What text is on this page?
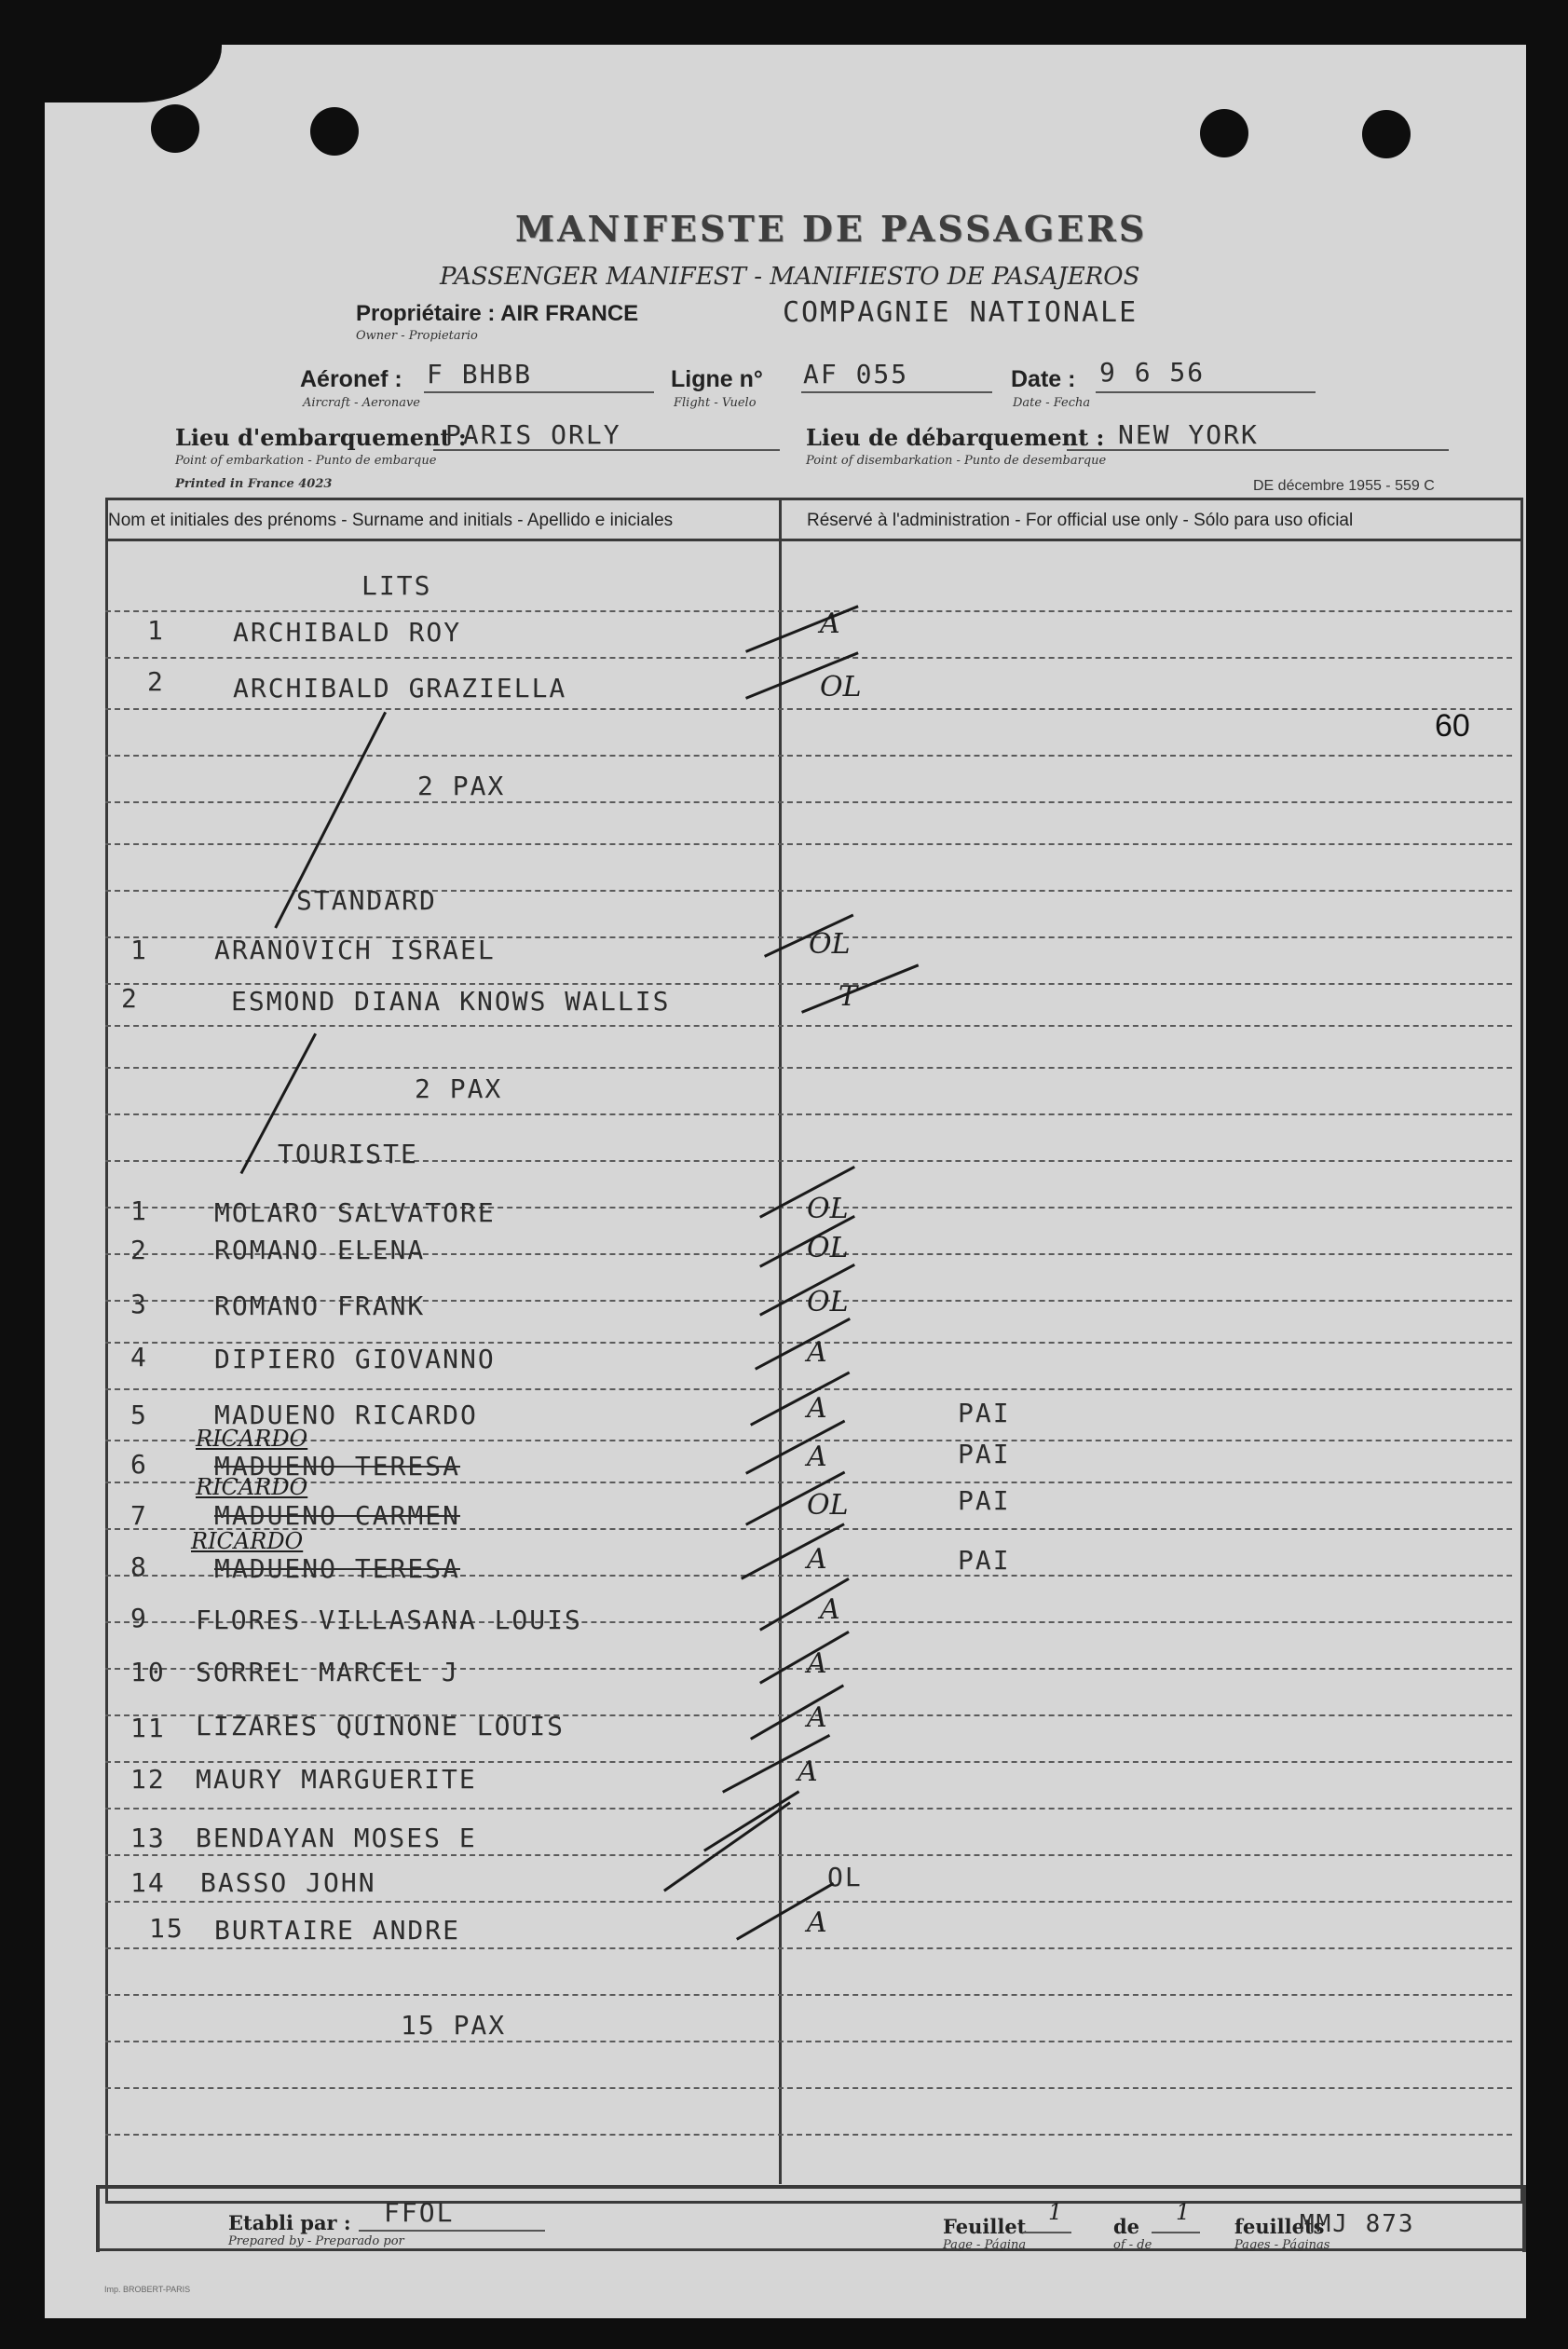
MANIFESTE DE PASSAGERS
PASSENGER MANIFEST - MANIFIESTO DE PASAJEROS
Propriétaire : AIR FRANCE
Owner - Propietario
COMPAGNIE NATIONALE
Aéronef :
Aircraft - Aeronave
F BHBB	Ligne n°
Flight - Vuelo
AF 055	Date :
Date - Fecha
9 6 56
Lieu d'embarquement :
Point of embarkation - Punto de embarque
PARIS ORLY	Lieu de débarquement :
Point of disembarkation - Punto de desembarque
NEW YORK
Printed in France 4023	DE décembre 1955 - 559 C
Nom et initiales des prénoms - Surname and initials - Apellido e iniciales	Réservé à l'administration - For official use only - Sólo para uso oficial
LITS
1	ARCHIBALD ROY	A
2	ARCHIBALD GRAZIELLA	OL
60
2 PAX
STANDARD
1	ARANOVICH ISRAEL	OL
2	ESMOND DIANA KNOWS WALLIS	T
2 PAX
TOURISTE
1	MOLARO SALVATORE	OL
2	ROMANO ELENA	OL
3	ROMANO FRANK	OL
4	DIPIERO GIOVANNO	A
5	MADUENO RICARDO	A	PAI
RICARDO
6	MADUENO TERESA	A	PAI
RICARDO
7	MADUENO CARMEN	OL	PAI
RICARDO
8	MADUENO TERESA	A	PAI
9 FLORES VILLASANA LOUIS	A
10 SORREL MARCEL J	A
11 LIZARES QUINONE LOUIS	A
12 MAURY MARGUERITE	A
13 BENDAYAN MOSES E
14 BASSO JOHN	OL
15 BURTAIRE ANDRE	A
15 PAX
Etabli par :
Prepared by - Preparado por
FFOL	Feuillet
Page - Página
1
de
of - de
1
feuillets
Pages - Páginas
MMJ 873
Imp. BROBERT-PARIS
